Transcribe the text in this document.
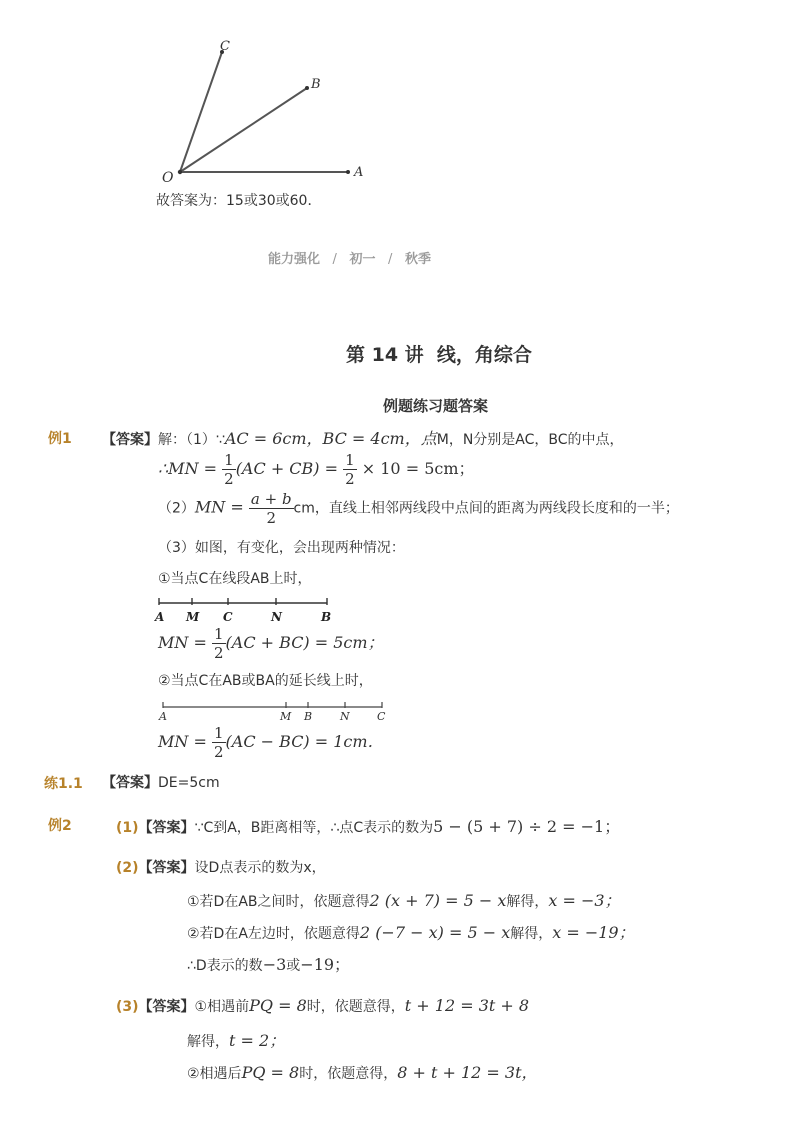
C
B
O	A
故答案为：15或30或60．
能力强化 / 初一 / 秋季
第 14 讲  线，角综合
例题练习题答案
例1 【答案】解：（1）∵AC = 6cm，BC = 4cm，点M，N分别是AC，BC的中点，
∴MN = $\frac{1}{2} (AC + CB) = \frac{1}{2} \times 10 = 5cm$；
$(2)MN = \frac{a + b}{2}$ cm，直线上相邻两线段中点间的距离为两线段长度和的一半；
（3）如图，有变化，会出现两种情况：
①当点C在线段AB上时，
A M C	N	B
MN = $\frac{1}{2} (AC + BC) = 5cm$；
②当点C在AB或BA的延长线上时，
A	M B	N C
MN = $\frac{1}{2} (AC - BC) = 1cm$．
练1.1 【答案】DE=5cm
例2	(1)【答案】∵C到A，B距离相等，∴点C表示的数为5 − (5 + 7) ÷ 2 = −1；
(2)【答案】设D点表示的数为x，
①若D在AB之间时，依题意得2 (x + 7) = 5 − x解得，x = −3；
②若D在A左边时，依题意得2 (−7 − x) = 5 − x解得，x = −19；
∴D表示的数−3或−19；
(3)【答案】①相遇前PQ = 8时，依题意得，t + 12 = 3t + 8
解得，t = 2；
②相遇后PQ = 8时，依题意得，8 + t + 12 = 3t，
